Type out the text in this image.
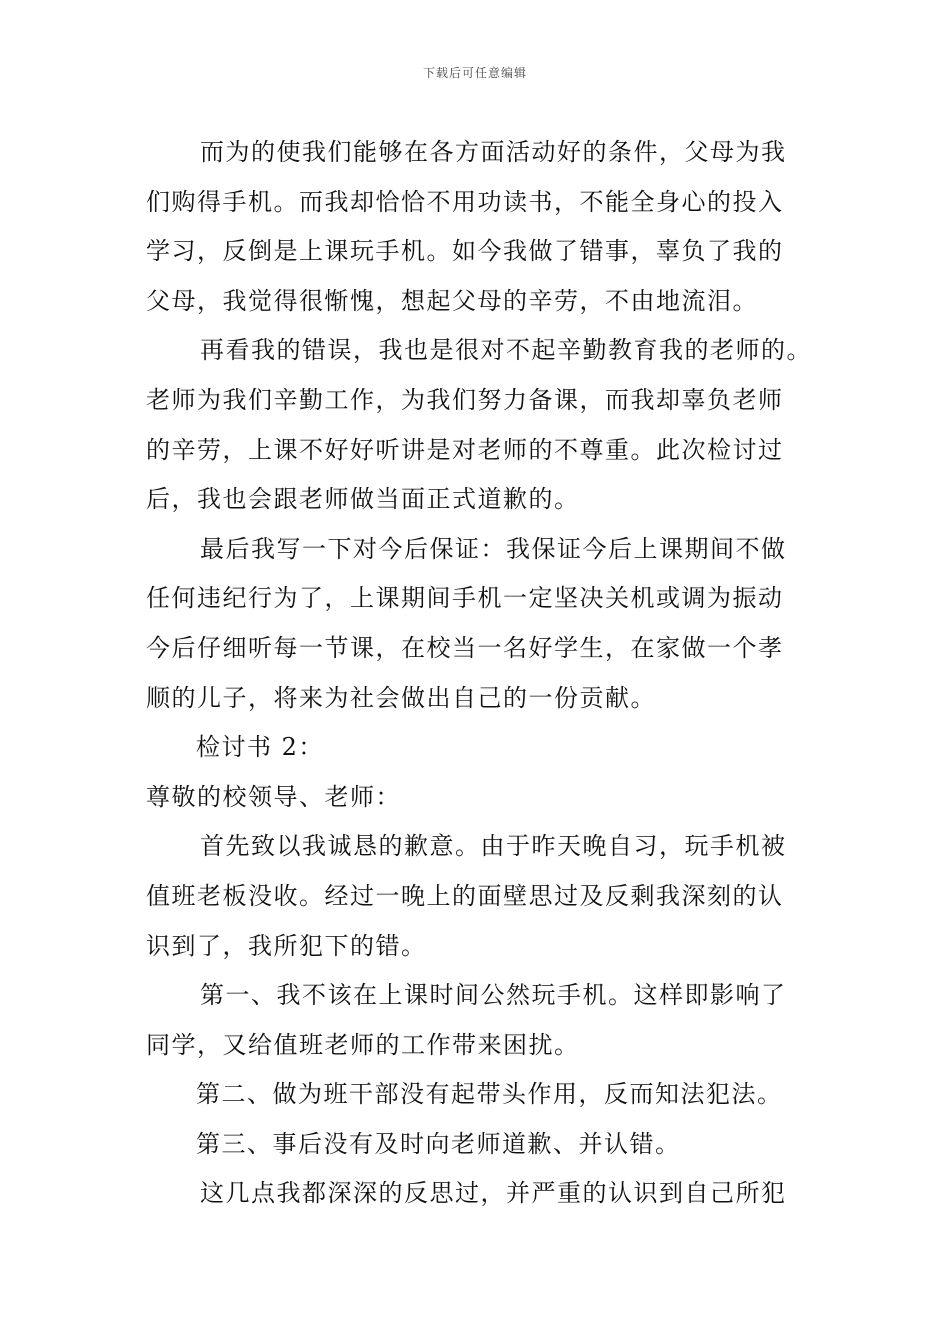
下载后可任意编辑
而为的使我们能够在各方面活动好的条件，父母为我
们购得手机。而我却恰恰不用功读书，不能全身心的投入
学习，反倒是上课玩手机。如今我做了错事，辜负了我的
父母，我觉得很惭愧，想起父母的辛劳，不由地流泪。
再看我的错误，我也是很对不起辛勤教育我的老师的。
老师为我们辛勤工作，为我们努力备课，而我却辜负老师
的辛劳，上课不好好听讲是对老师的不尊重。此次检讨过
后，我也会跟老师做当面正式道歉的。
最后我写一下对今后保证：我保证今后上课期间不做
任何违纪行为了，上课期间手机一定坚决关机或调为振动
今后仔细听每一节课，在校当一名好学生，在家做一个孝
顺的儿子，将来为社会做出自己的一份贡献。
检讨书 2：
尊敬的校领导、老师：
首先致以我诚恳的歉意。由于昨天晚自习，玩手机被
值班老板没收。经过一晚上的面壁思过及反剩我深刻的认
识到了，我所犯下的错。
第一、我不该在上课时间公然玩手机。这样即影响了
同学，又给值班老师的工作带来困扰。
第二、做为班干部没有起带头作用，反而知法犯法。
第三、事后没有及时向老师道歉、并认错。
这几点我都深深的反思过，并严重的认识到自己所犯
